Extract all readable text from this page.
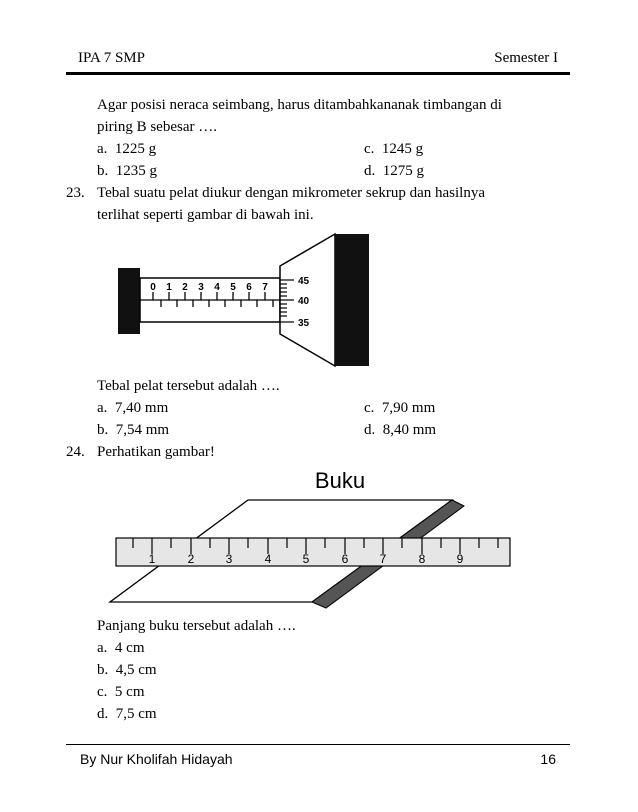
IPA 7 SMP	Semester I
Agar posisi neraca seimbang, harus ditambahkananak timbangan di
piring B sebesar ….
a. 1225 g	c. 1245 g
b. 1235 g	d. 1275 g
23. Tebal suatu pelat diukur dengan mikrometer sekrup dan hasilnya
terlihat seperti gambar di bawah ini.
0 1 2 3 4 5 6 7
45
40
35
Tebal pelat tersebut adalah ….
a. 7,40 mm	c. 7,90 mm
b. 7,54 mm	d. 8,40 mm
24. Perhatikan gambar!
Buku
1	2	3	4	5	6	7	8	9
Panjang buku tersebut adalah ….
a. 4 cm
b. 4,5 cm
c. 5 cm
d. 7,5 cm
By Nur Kholifah Hidayah	16
